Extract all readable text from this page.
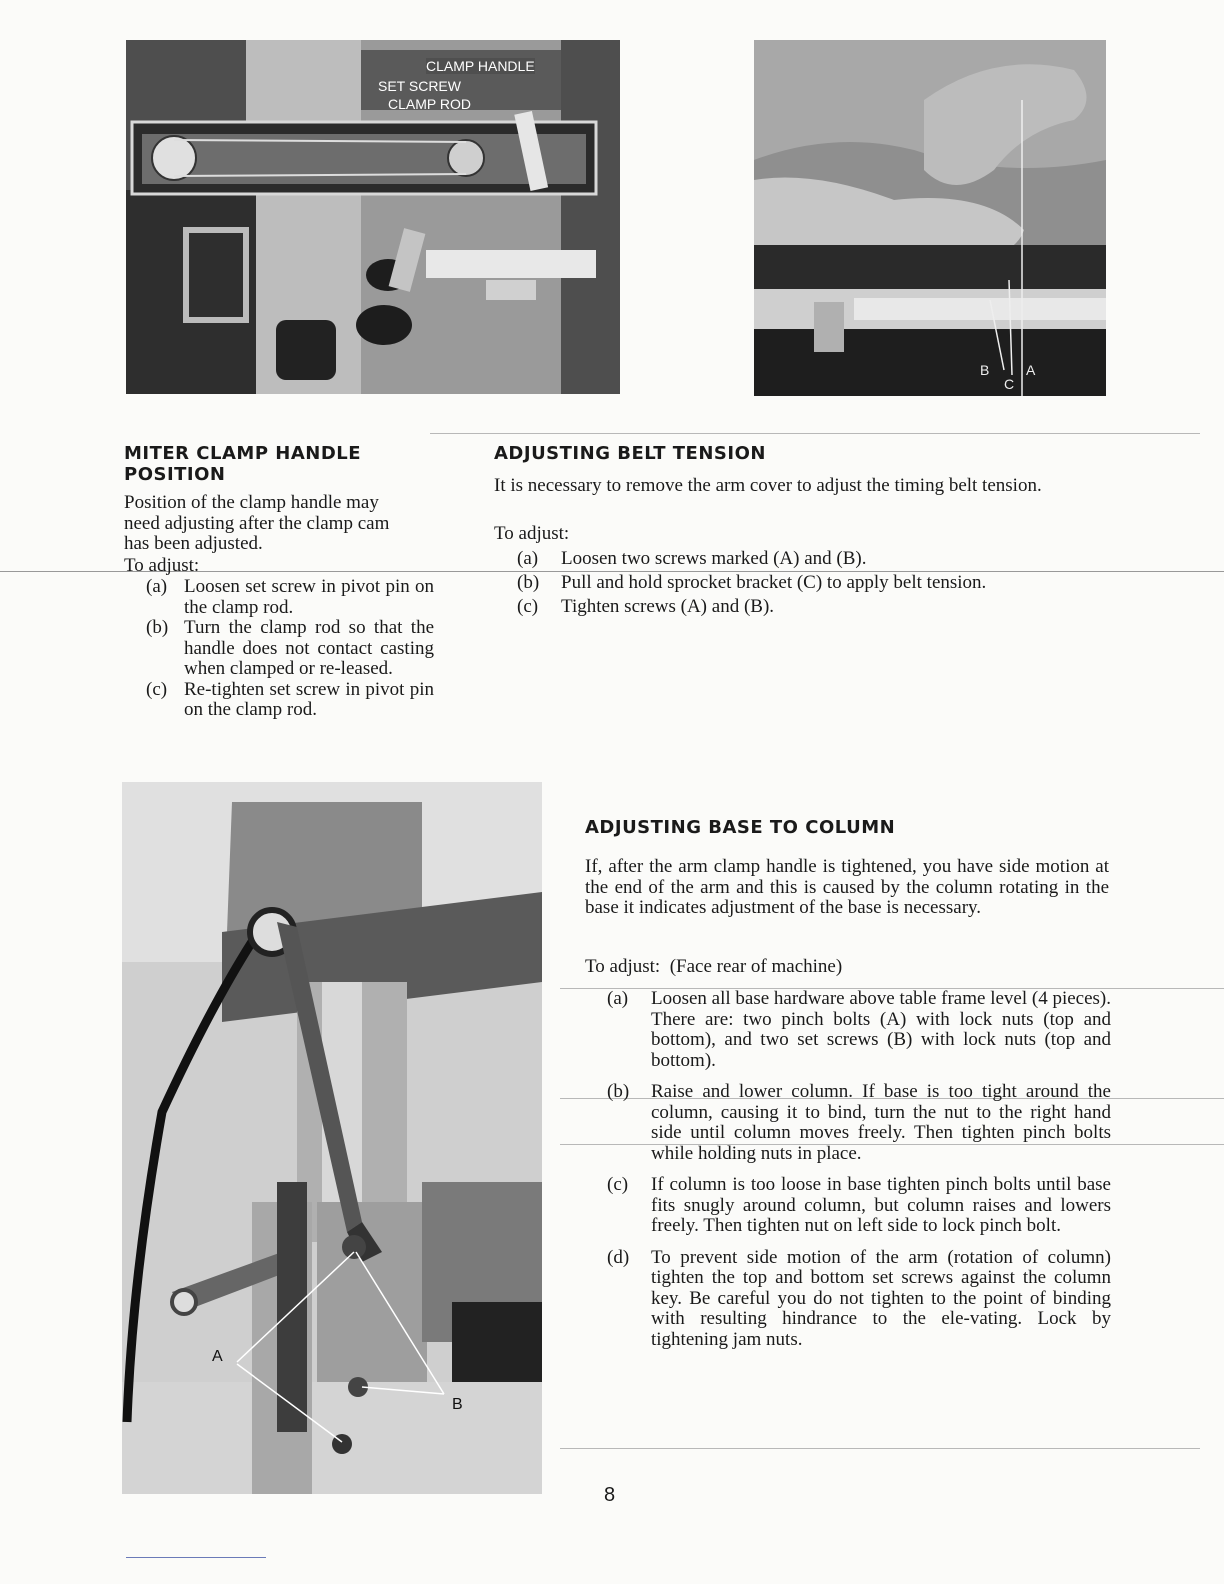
CLAMP HANDLE
SET SCREW
CLAMP ROD
B
C
A
MITER CLAMP HANDLE
POSITION

Position of the clamp handle may
need adjusting after the clamp cam
has been adjusted.

To adjust:

(a) Loosen set screw in pivot pin on the clamp rod.
(b) Turn the clamp rod so that the handle does not contact casting when clamped or re-leased.
(c) Re-tighten set screw in pivot pin on the clamp rod.
ADJUSTING BELT TENSION

It is necessary to remove the arm cover to adjust the timing belt tension.

To adjust:

(a)	Loosen two screws marked (A) and (B).
(b)	Pull and hold sprocket bracket (C) to apply belt tension.
(c)	Tighten screws (A) and (B).
A
B
ADJUSTING BASE TO COLUMN

If, after the arm clamp handle is tightened, you have side motion at the end of the arm and this is caused by the column rotating in the base it indicates adjustment of the base is necessary.

To adjust:  (Face rear of machine)

(a)	Loosen all base hardware above table frame level (4 pieces). There are: two pinch bolts (A) with lock nuts (top and bottom), and two set screws (B) with lock nuts (top and bottom).
(b)	Raise and lower column. If base is too tight around the column, causing it to bind, turn the nut to the right hand side until column moves freely. Then tighten pinch bolts while holding nuts in place.
(c)	If column is too loose in base tighten pinch bolts until base fits snugly around column, but column raises and lowers freely. Then tighten nut on left side to lock pinch bolt.
(d)	To prevent side motion of the arm (rotation of column) tighten the top and bottom set screws against the column key. Be careful you do not tighten to the point of binding with resulting hindrance to the ele-vating. Lock by tightening jam nuts.
8
